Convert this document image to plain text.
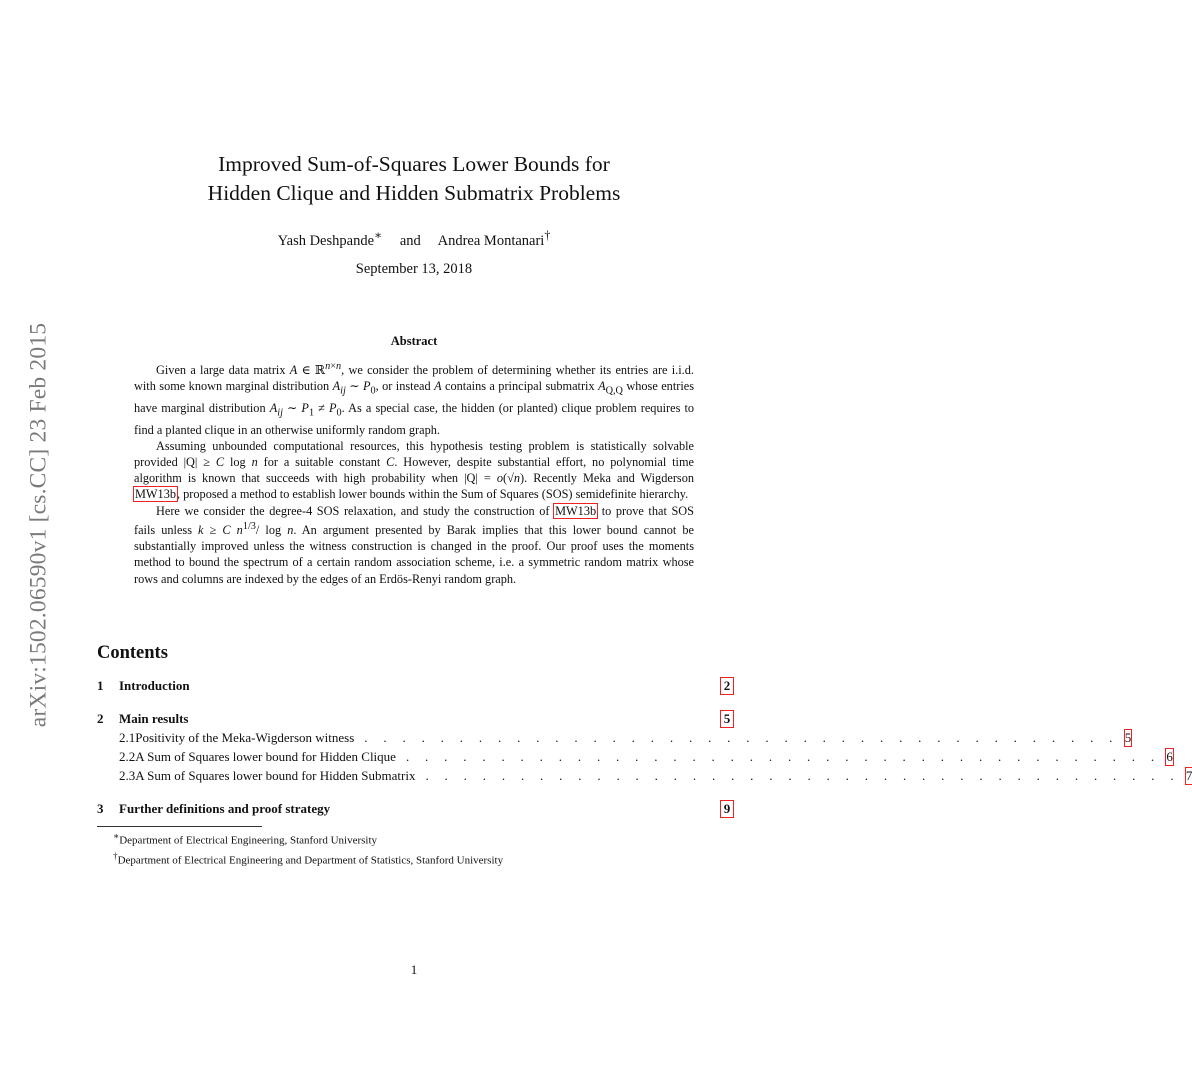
arXiv:1502.06590v1 [cs.CC] 23 Feb 2015
Improved Sum-of-Squares Lower Bounds for
Hidden Clique and Hidden Submatrix Problems
Yash Deshpande∗ and Andrea Montanari†
September 13, 2018
Abstract

Given a large data matrix A ∈ ℝ$^{n\times n}$, we consider the problem of determining whether its entries are i.i.d. with some known marginal distribution $A_{ij}$ ∼ $P_0$, or instead A contains a principal submatrix $A_{Q,Q}$ whose entries have marginal distribution $A_{ij}$ ∼ $P_1 \ne P_0$. As a special case, the hidden (or planted) clique problem requires to find a planted clique in an otherwise uniformly random graph.

Assuming unbounded computational resources, this hypothesis testing problem is statistically solvable provided |Q| ≥ C log n for a suitable constant C. However, despite substantial effort, no polynomial time algorithm is known that succeeds with high probability when |Q| = o(√n). Recently Meka and Wigderson MW13b, proposed a method to establish lower bounds within the Sum of Squares (SOS) semidefinite hierarchy.

Here we consider the degree-4 SOS relaxation, and study the construction of MW13b to prove that SOS fails unless k ≥ C $n^{1/3}/$ log n. An argument presented by Barak implies that this lower bound cannot be substantially improved unless the witness construction is changed in the proof. Our proof uses the moments method to bound the spectrum of a certain random association scheme, i.e. a symmetric random matrix whose rows and columns are indexed by the edges of an Erdös-Renyi random graph.

Contents
1	Introduction	2
2	Main results	5
2.1 Positivity of the Meka-Wigderson witness . . . . . . . . . . . . . . . . . . . . . . . . . . . . . . . . . . . . . . . . 5
2.2 A Sum of Squares lower bound for Hidden Clique . . . . . . . . . . . . . . . . . . . . . . . . . . . . . . . . . . . . . . . . 6
2.3 A Sum of Squares lower bound for Hidden Submatrix . . . . . . . . . . . . . . . . . . . . . . . . . . . . . . . . . . . . . . . . 7
3	Further definitions and proof strategy	9
∗Department of Electrical Engineering, Stanford University
†Department of Electrical Engineering and Department of Statistics, Stanford University
1
